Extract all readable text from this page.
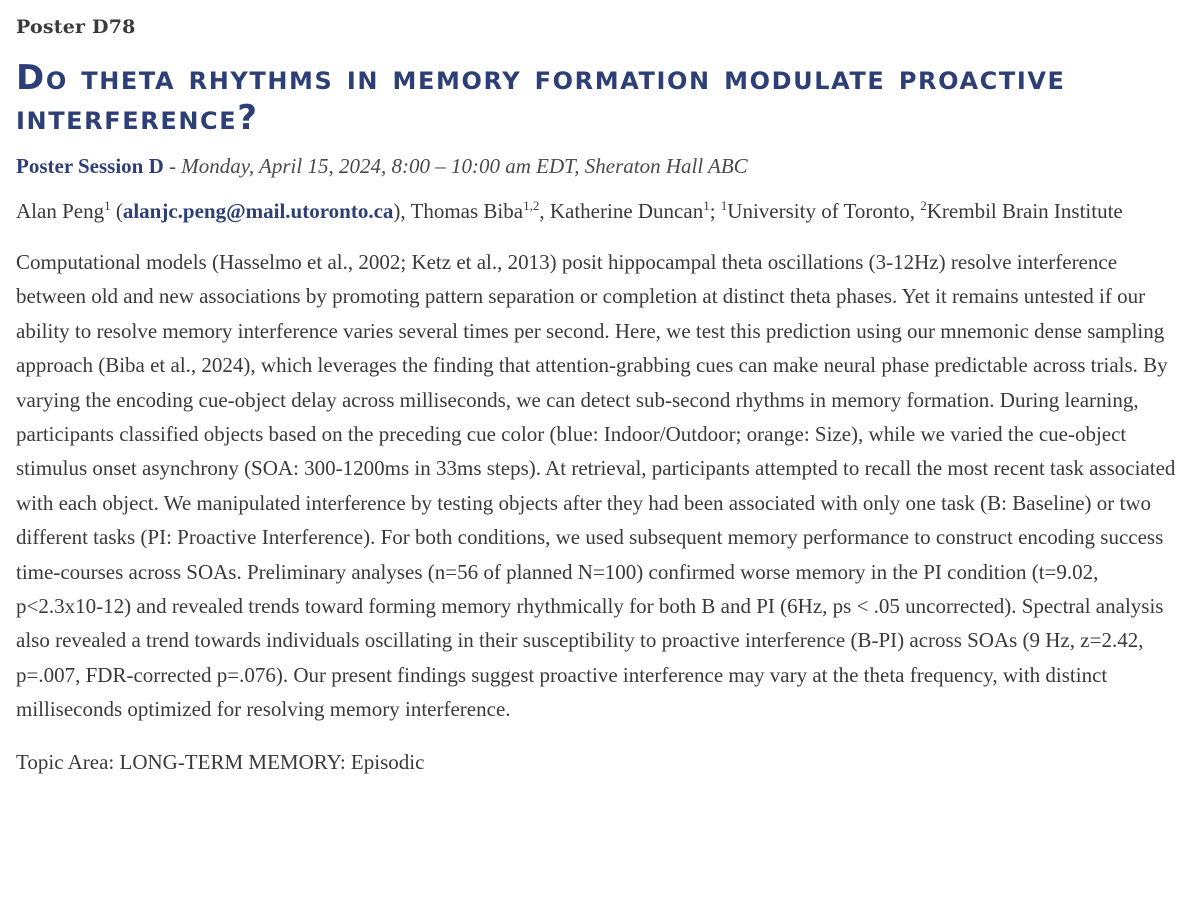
Poster D78
Do theta rhythms in memory formation modulate proactive interference?
Poster Session D - Monday, April 15, 2024, 8:00 – 10:00 am EDT, Sheraton Hall ABC
Alan Peng$^1$ (alanjc.peng@mail.utoronto.ca), Thomas Biba$^{1,2}$, Katherine Duncan$^1$; $^1$University of Toronto, $^2$Krembil Brain Institute

Computational models (Hasselmo et al., 2002; Ketz et al., 2013) posit hippocampal theta oscillations (3-12Hz) resolve interference between old and new associations by promoting pattern separation or completion at distinct theta phases. Yet it remains untested if our ability to resolve memory interference varies several times per second. Here, we test this prediction using our mnemonic dense sampling approach (Biba et al., 2024), which leverages the finding that attention-grabbing cues can make neural phase predictable across trials. By varying the encoding cue-object delay across milliseconds, we can detect sub-second rhythms in memory formation. During learning, participants classified objects based on the preceding cue color (blue: Indoor/Outdoor; orange: Size), while we varied the cue-object stimulus onset asynchrony (SOA: 300-1200ms in 33ms steps). At retrieval, participants attempted to recall the most recent task associated with each object. We manipulated interference by testing objects after they had been associated with only one task (B: Baseline) or two different tasks (PI: Proactive Interference). For both conditions, we used subsequent memory performance to construct encoding success time-courses across SOAs. Preliminary analyses (n=56 of planned N=100) confirmed worse memory in the PI condition (t=9.02, p<2.3x10-12) and revealed trends toward forming memory rhythmically for both B and PI (6Hz, ps < .05 uncorrected). Spectral analysis also revealed a trend towards individuals oscillating in their susceptibility to proactive interference (B-PI) across SOAs (9 Hz, z=2.42, p=.007, FDR-corrected p=.076). Our present findings suggest proactive interference may vary at the theta frequency, with distinct milliseconds optimized for resolving memory interference.

Topic Area: LONG-TERM MEMORY: Episodic
